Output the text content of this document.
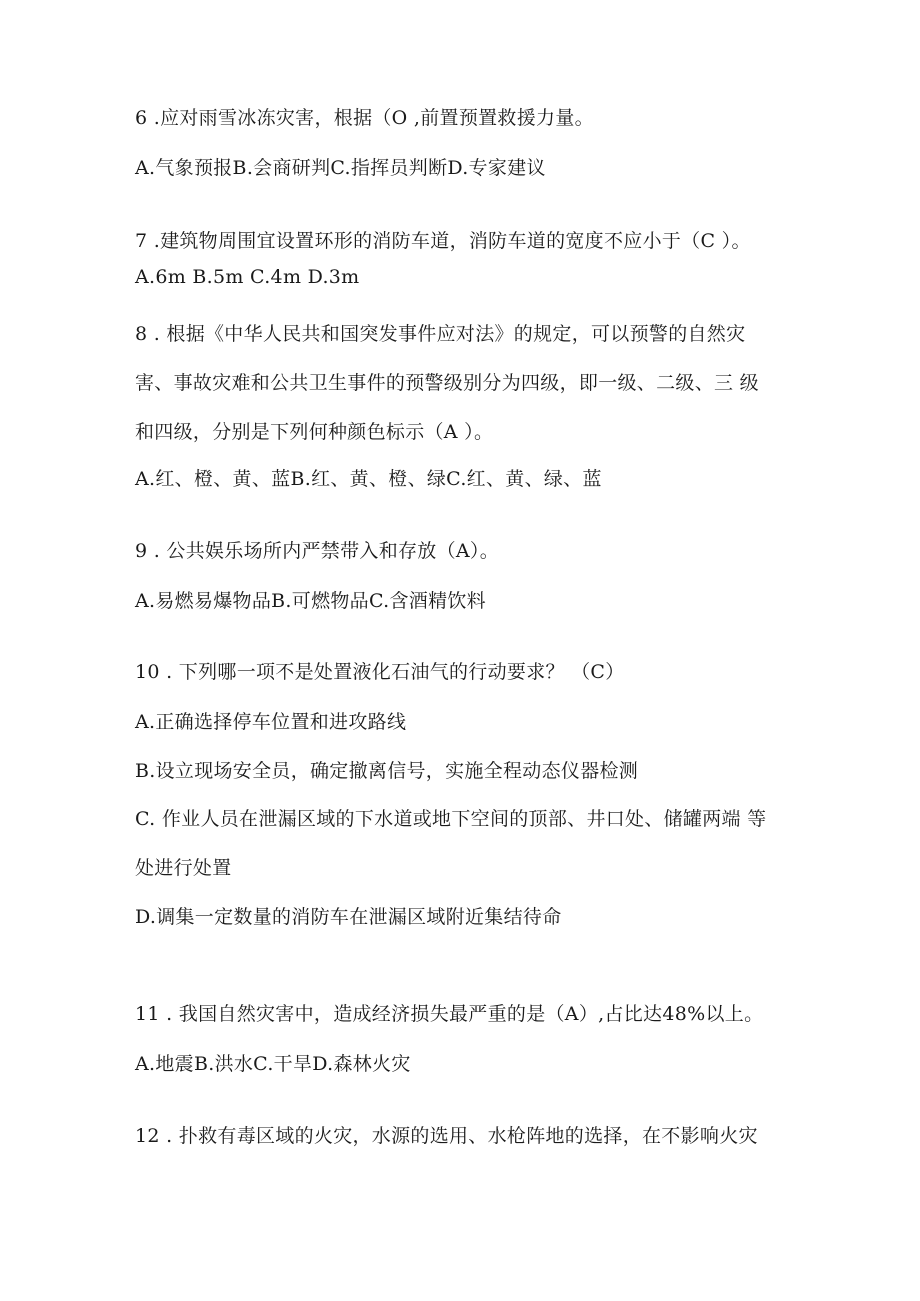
6 .应对雨雪冰冻灾害，根据（O ,前置预置救援力量。
A.气象预报B.会商研判C.指挥员判断D.专家建议
7 .建筑物周围宜设置环形的消防车道，消防车道的宽度不应小于（C ）。
A.6m B.5m C.4m D.3m
8 . 根据《中华人民共和国突发事件应对法》的规定，可以预警的自然灾
害、事故灾难和公共卫生事件的预警级别分为四级，即一级、二级、三 级
和四级，分别是下列何种颜色标示（A ）。
A.红、橙、黄、蓝B.红、黄、橙、绿C.红、黄、绿、蓝
9 . 公共娱乐场所内严禁带入和存放（A）。
A.易燃易爆物品B.可燃物品C.含酒精饮料
10 . 下列哪一项不是处置液化石油气的行动要求？ （C）
A.正确选择停车位置和进攻路线
B.设立现场安全员，确定撤离信号，实施全程动态仪器检测
C. 作业人员在泄漏区域的下水道或地下空间的顶部、井口处、储罐两端 等
处进行处置
D.调集一定数量的消防车在泄漏区域附近集结待命
11 . 我国自然灾害中，造成经济损失最严重的是（A）,占比达48%以上。
A.地震B.洪水C.干旱D.森林火灾
12 . 扑救有毒区域的火灾，水源的选用、水枪阵地的选择，在不影响火灾
